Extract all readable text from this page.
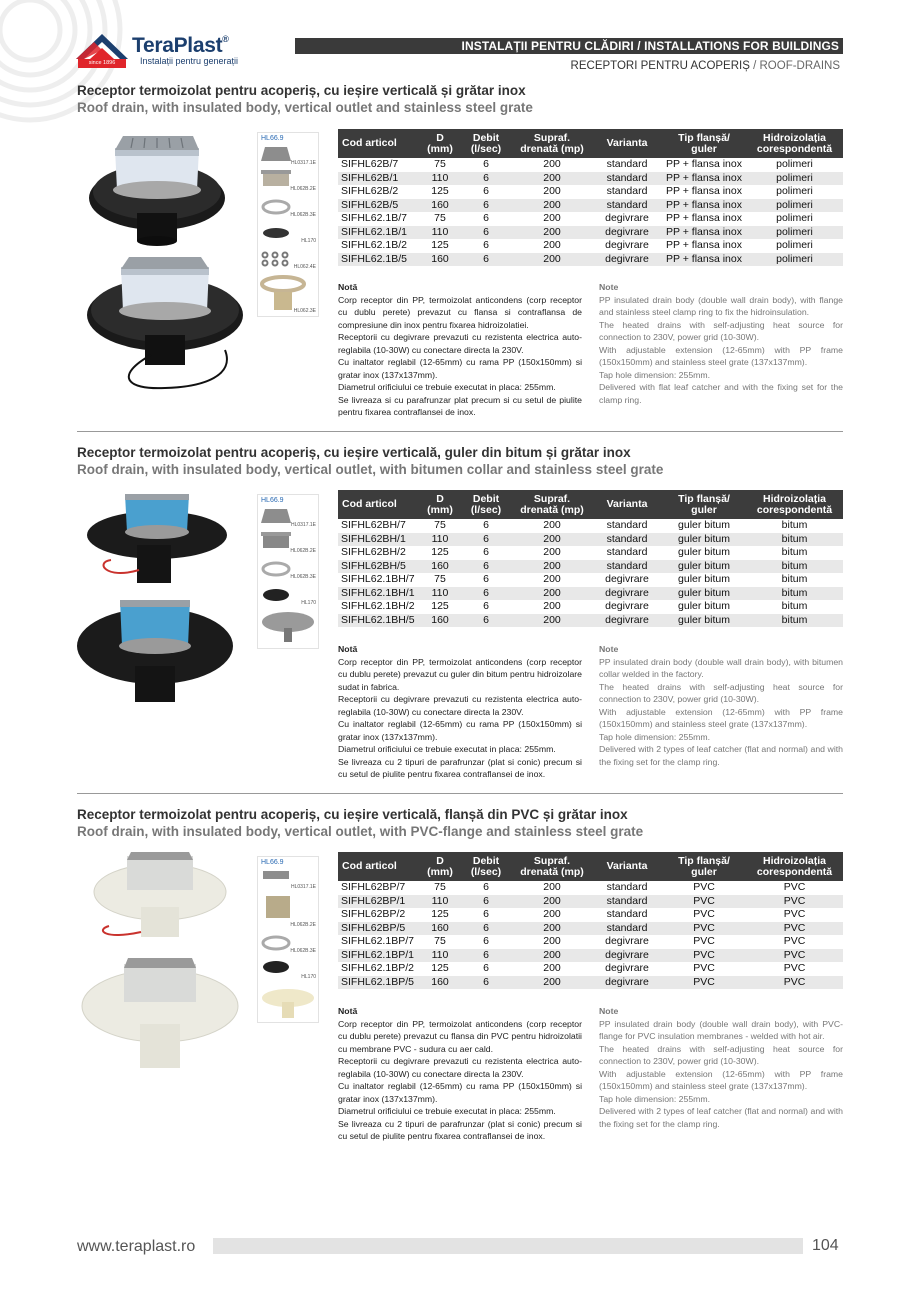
since 1896
TeraPlast®
Instalații pentru generații
INSTALAȚII PENTRU CLĂDIRI / INSTALLATIONS FOR BUILDINGS
RECEPTORI PENTRU ACOPERIȘ / ROOF-DRAINS
Receptor termoizolat pentru acoperiș, cu ieșire verticală și grătar inox
Roof drain, with insulated body, vertical outlet and stainless steel grate
HL66.9
HL0317.1E
HL062B.2E
HL062B.3E
HL170
HL062.4E
HL062.3E
Cod articol	D (mm)	Debit (l/sec)	Supraf. drenată (mp)	Varianta	Tip flanșă/ guler	Hidroizolația corespondentă
SIFHL62B/7	75	6	200	standard	PP + flansa inox	polimeri
SIFHL62B/1	110	6	200	standard	PP + flansa inox	polimeri
SIFHL62B/2	125	6	200	standard	PP + flansa inox	polimeri
SIFHL62B/5	160	6	200	standard	PP + flansa inox	polimeri
SIFHL62.1B/7	75	6	200	degivrare	PP + flansa inox	polimeri
SIFHL62.1B/1	110	6	200	degivrare	PP + flansa inox	polimeri
SIFHL62.1B/2	125	6	200	degivrare	PP + flansa inox	polimeri
SIFHL62.1B/5	160	6	200	degivrare	PP + flansa inox	polimeri

Notă

Corp receptor din PP, termoizolat anticondens (corp receptor cu dublu perete) prevazut cu flansa si contraflansa de compresiune din inox pentru fixarea hidroizolatiei.

Receptorii cu degivrare prevazuti cu rezistenta electrica auto-reglabila (10-30W) cu conectare directa la 230V.

Cu inaltator reglabil (12-65mm) cu rama PP (150x150mm) si gratar inox (137x137mm).

Diametrul orificiului ce trebuie executat in placa: 255mm.

Se livreaza si cu parafrunzar plat precum si cu setul de piulite pentru fixarea contraflansei de inox.

Note

PP insulated drain body (double wall drain body), with flange and stainless steel clamp ring to fix the hidroinsulation.

The heated drains with self-adjusting heat source for connection to 230V, power grid (10-30W).

With adjustable extension (12-65mm) with PP frame (150x150mm) and stainless steel grate (137x137mm).

Tap hole dimension: 255mm.

Delivered with flat leaf catcher and with the fixing set for the clamp ring.

Receptor termoizolat pentru acoperiș, cu ieșire verticală, guler din bitum și grătar inox
Roof drain, with insulated body, vertical outlet, with bitumen collar and stainless steel grate
HL66.9
HL0317.1E
HL062B.2E
HL062B.3E
HL170
Cod articol	D (mm)	Debit (l/sec)	Supraf. drenată (mp)	Varianta	Tip flanșă/ guler	Hidroizolația corespondentă
SIFHL62BH/7	75	6	200	standard	guler bitum	bitum
SIFHL62BH/1	110	6	200	standard	guler bitum	bitum
SIFHL62BH/2	125	6	200	standard	guler bitum	bitum
SIFHL62BH/5	160	6	200	standard	guler bitum	bitum
SIFHL62.1BH/7	75	6	200	degivrare	guler bitum	bitum
SIFHL62.1BH/1	110	6	200	degivrare	guler bitum	bitum
SIFHL62.1BH/2	125	6	200	degivrare	guler bitum	bitum
SIFHL62.1BH/5	160	6	200	degivrare	guler bitum	bitum

Notă

Corp receptor din PP, termoizolat anticondens (corp receptor cu dublu perete) prevazut cu guler din bitum pentru hidroizolare sudat in fabrica.

Receptorii cu degivrare prevazuti cu rezistenta electrica auto-reglabila (10-30W) cu conectare directa la 230V.

Cu inaltator reglabil (12-65mm) cu rama PP (150x150mm) si gratar inox (137x137mm).

Diametrul orificiului ce trebuie executat in placa: 255mm.

Se livreaza cu 2 tipuri de parafrunzar (plat si conic) precum si cu setul de piulite pentru fixarea contraflansei de inox.

Note

PP insulated drain body (double wall drain body), with bitumen collar welded in the factory.

The heated drains with self-adjusting heat source for connection to 230V, power grid (10-30W).

With adjustable extension (12-65mm) with PP frame (150x150mm) and stainless steel grate (137x137mm).

Tap hole dimension: 255mm.

Delivered with 2 types of leaf catcher (flat and normal) and with the fixing set for the clamp ring.

Receptor termoizolat pentru acoperiș, cu ieșire verticală, flanșă din PVC și grătar inox
Roof drain, with insulated body, vertical outlet, with PVC-flange and stainless steel grate
HL66.9
HL0317.1E
HL062B.2E
HL062B.3E
HL170
Cod articol	D (mm)	Debit (l/sec)	Supraf. drenată (mp)	Varianta	Tip flanșă/ guler	Hidroizolația corespondentă
SIFHL62BP/7	75	6	200	standard	PVC	PVC
SIFHL62BP/1	110	6	200	standard	PVC	PVC
SIFHL62BP/2	125	6	200	standard	PVC	PVC
SIFHL62BP/5	160	6	200	standard	PVC	PVC
SIFHL62.1BP/7	75	6	200	degivrare	PVC	PVC
SIFHL62.1BP/1	110	6	200	degivrare	PVC	PVC
SIFHL62.1BP/2	125	6	200	degivrare	PVC	PVC
SIFHL62.1BP/5	160	6	200	degivrare	PVC	PVC

Notă

Corp receptor din PP, termoizolat anticondens (corp receptor cu dublu perete) prevazut cu flansa din PVC pentru hidroizolatii cu membrane PVC - sudura cu aer cald.

Receptorii cu degivrare prevazuti cu rezistenta electrica auto-reglabila (10-30W) cu conectare directa la 230V.

Cu inaltator reglabil (12-65mm) cu rama PP (150x150mm) si gratar inox (137x137mm).

Diametrul orificiului ce trebuie executat in placa: 255mm.

Se livreaza cu 2 tipuri de parafrunzar (plat si conic) precum si cu setul de piulite pentru fixarea contraflansei de inox.

Note

PP insulated drain body (double wall drain body), with PVC-flange for PVC insulation membranes - welded with hot air.

The heated drains with self-adjusting heat source for connection to 230V, power grid (10-30W).

With adjustable extension (12-65mm) with PP frame (150x150mm) and stainless steel grate (137x137mm).

Tap hole dimension: 255mm.

Delivered with 2 types of leaf catcher (flat and normal) and with the fixing set for the clamp ring.

www.teraplast.ro	104
